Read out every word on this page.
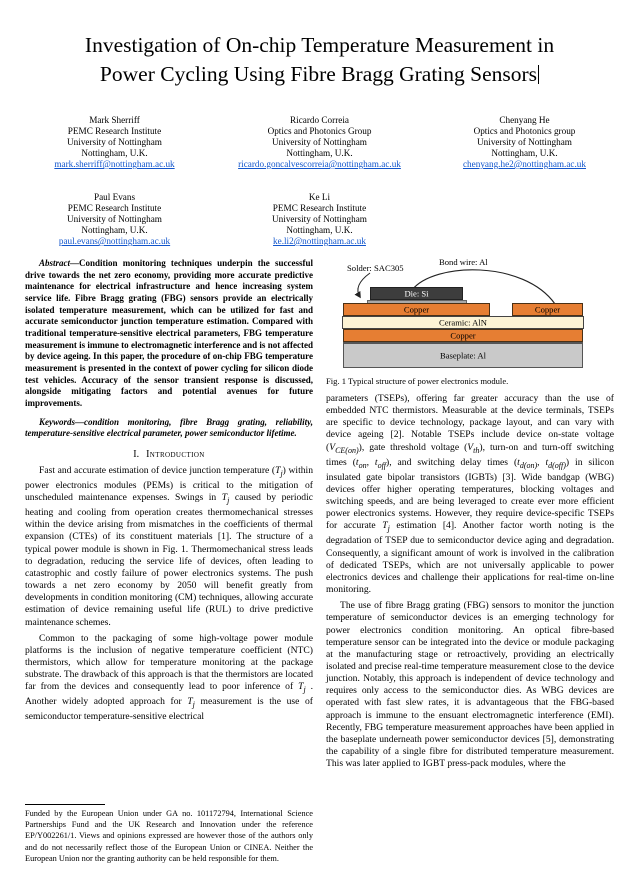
Investigation of On-chip Temperature Measurement in
Power Cycling Using Fibre Bragg Grating Sensors
Mark Sherriff
PEMC Research Institute
University of Nottingham
Nottingham, U.K.
mark.sherriff@nottingham.ac.uk
Ricardo Correia
Optics and Photonics Group
University of Nottingham
Nottingham, U.K.
ricardo.goncalvescorreia@nottingham.ac.uk
Chenyang He
Optics and Photonics group
University of Nottingham
Nottingham, U.K.
chenyang.he2@nottingham.ac.uk
Paul Evans
PEMC Research Institute
University of Nottingham
Nottingham, U.K.
paul.evans@nottingham.ac.uk
Ke Li
PEMC Research Institute
University of Nottingham
Nottingham, U.K.
ke.li2@nottingham.ac.uk

Abstract—Condition monitoring techniques underpin the successful drive towards the net zero economy, providing more accurate predictive maintenance for electrical infrastructure and hence increasing system service life. Fibre Bragg grating (FBG) sensors provide an electrically isolated temperature measurement, which can be utilized for fast and accurate semiconductor junction temperature estimation. Compared with traditional temperature-sensitive electrical parameters, FBG temperature measurement is immune to electromagnetic interference and is not affected by device ageing. In this paper, the procedure of on-chip FBG temperature measurement is presented in the context of power cycling for silicon diode test vehicles. Accuracy of the sensor transient response is discussed, alongside mitigating factors and potential avenues for future improvements.

Keywords—condition monitoring, fibre Bragg grating, reliability, temperature-sensitive electrical parameter, power semiconductor lifetime.

I. Introduction

Fast and accurate estimation of device junction temperature $(T_j)$ within power electronics modules (PEMs) is critical to the mitigation of unscheduled maintenance expenses. Swings in $T_j$ caused by periodic heating and cooling from operation creates thermomechanical stresses within the device arising from mismatches in the coefficients of thermal expansion (CTEs) of its constituent materials [1]. The structure of a typical power module is shown in Fig. 1. Thermomechanical stress leads to degradation, reducing the service life of devices, often leading to catastrophic and costly failure of power electronics systems. The push towards a net zero economy by 2050 will benefit greatly from developments in condition monitoring (CM) techniques, allowing accurate estimation of device remaining useful life (RUL) to drive predictive maintenance schemes.

Common to the packaging of some high-voltage power module platforms is the inclusion of negative temperature coefficient (NTC) thermistors, which allow for temperature monitoring at the package substrate. The drawback of this approach is that the thermistors are located far from the devices and consequently lead to poor inference of $T_j$ . Another widely adopted approach for $T_j$ measurement is the use of semiconductor temperature-sensitive electrical

Funded by the European Union under GA no. 101172794, International Science Partnerships Fund and the UK Research and Innovation under the reference EP/Y002261/1. Views and opinions expressed are however those of the authors only and do not necessarily reflect those of the European Union or CINEA. Neither the European Union nor the granting authority can be held responsible for them.
Solder: SAC305
Bond wire: Al
Die: Si
Copper	Copper
Ceramic: AlN
Copper
Baseplate: Al
Fig. 1 Typical structure of power electronics module.

parameters (TSEPs), offering far greater accuracy than the use of embedded NTC thermistors. Measurable at the device terminals, TSEPs are specific to device technology, package layout, and can vary with device ageing [2]. Notable TSEPs include device on-state voltage $(V_{CE(on)})$, gate threshold voltage $(V_{th})$, turn-on and turn-off switching times ($t_{on}$, $t_{off}$), and switching delay times ($t_{d(on)}$, $t_{d(off)}$) in silicon insulated gate bipolar transistors (IGBTs) [3]. Wide bandgap (WBG) devices offer higher operating temperatures, blocking voltages and switching speeds, and are being leveraged to create ever more efficient power electronics systems. However, they require device-specific TSEPs for accurate $T_j$ estimation [4]. Another factor worth noting is the degradation of TSEP due to semiconductor device aging and degradation. Consequently, a significant amount of work is involved in the calibration of dedicated TSEPs, which are not universally applicable to power electronics devices and challenge their applications for real-time on-line monitoring.

The use of fibre Bragg grating (FBG) sensors to monitor the junction temperature of semiconductor devices is an emerging technology for power electronics condition monitoring. An optical fibre-based temperature sensor can be integrated into the device or module packaging at the manufacturing stage or retroactively, providing an electrically isolated and precise real-time temperature measurement close to the device junction. Notably, this approach is independent of device technology and requires only access to the semiconductor dies. As WBG devices are operated with fast slew rates, it is advantageous that the FBG-based approach is immune to the ensuant electromagnetic interference (EMI). Recently, FBG temperature measurement approaches have been applied in the baseplate underneath power semiconductor devices [5], demonstrating the capability of a single fibre for distributed temperature measurement. This was later applied to IGBT press-pack modules, where the
